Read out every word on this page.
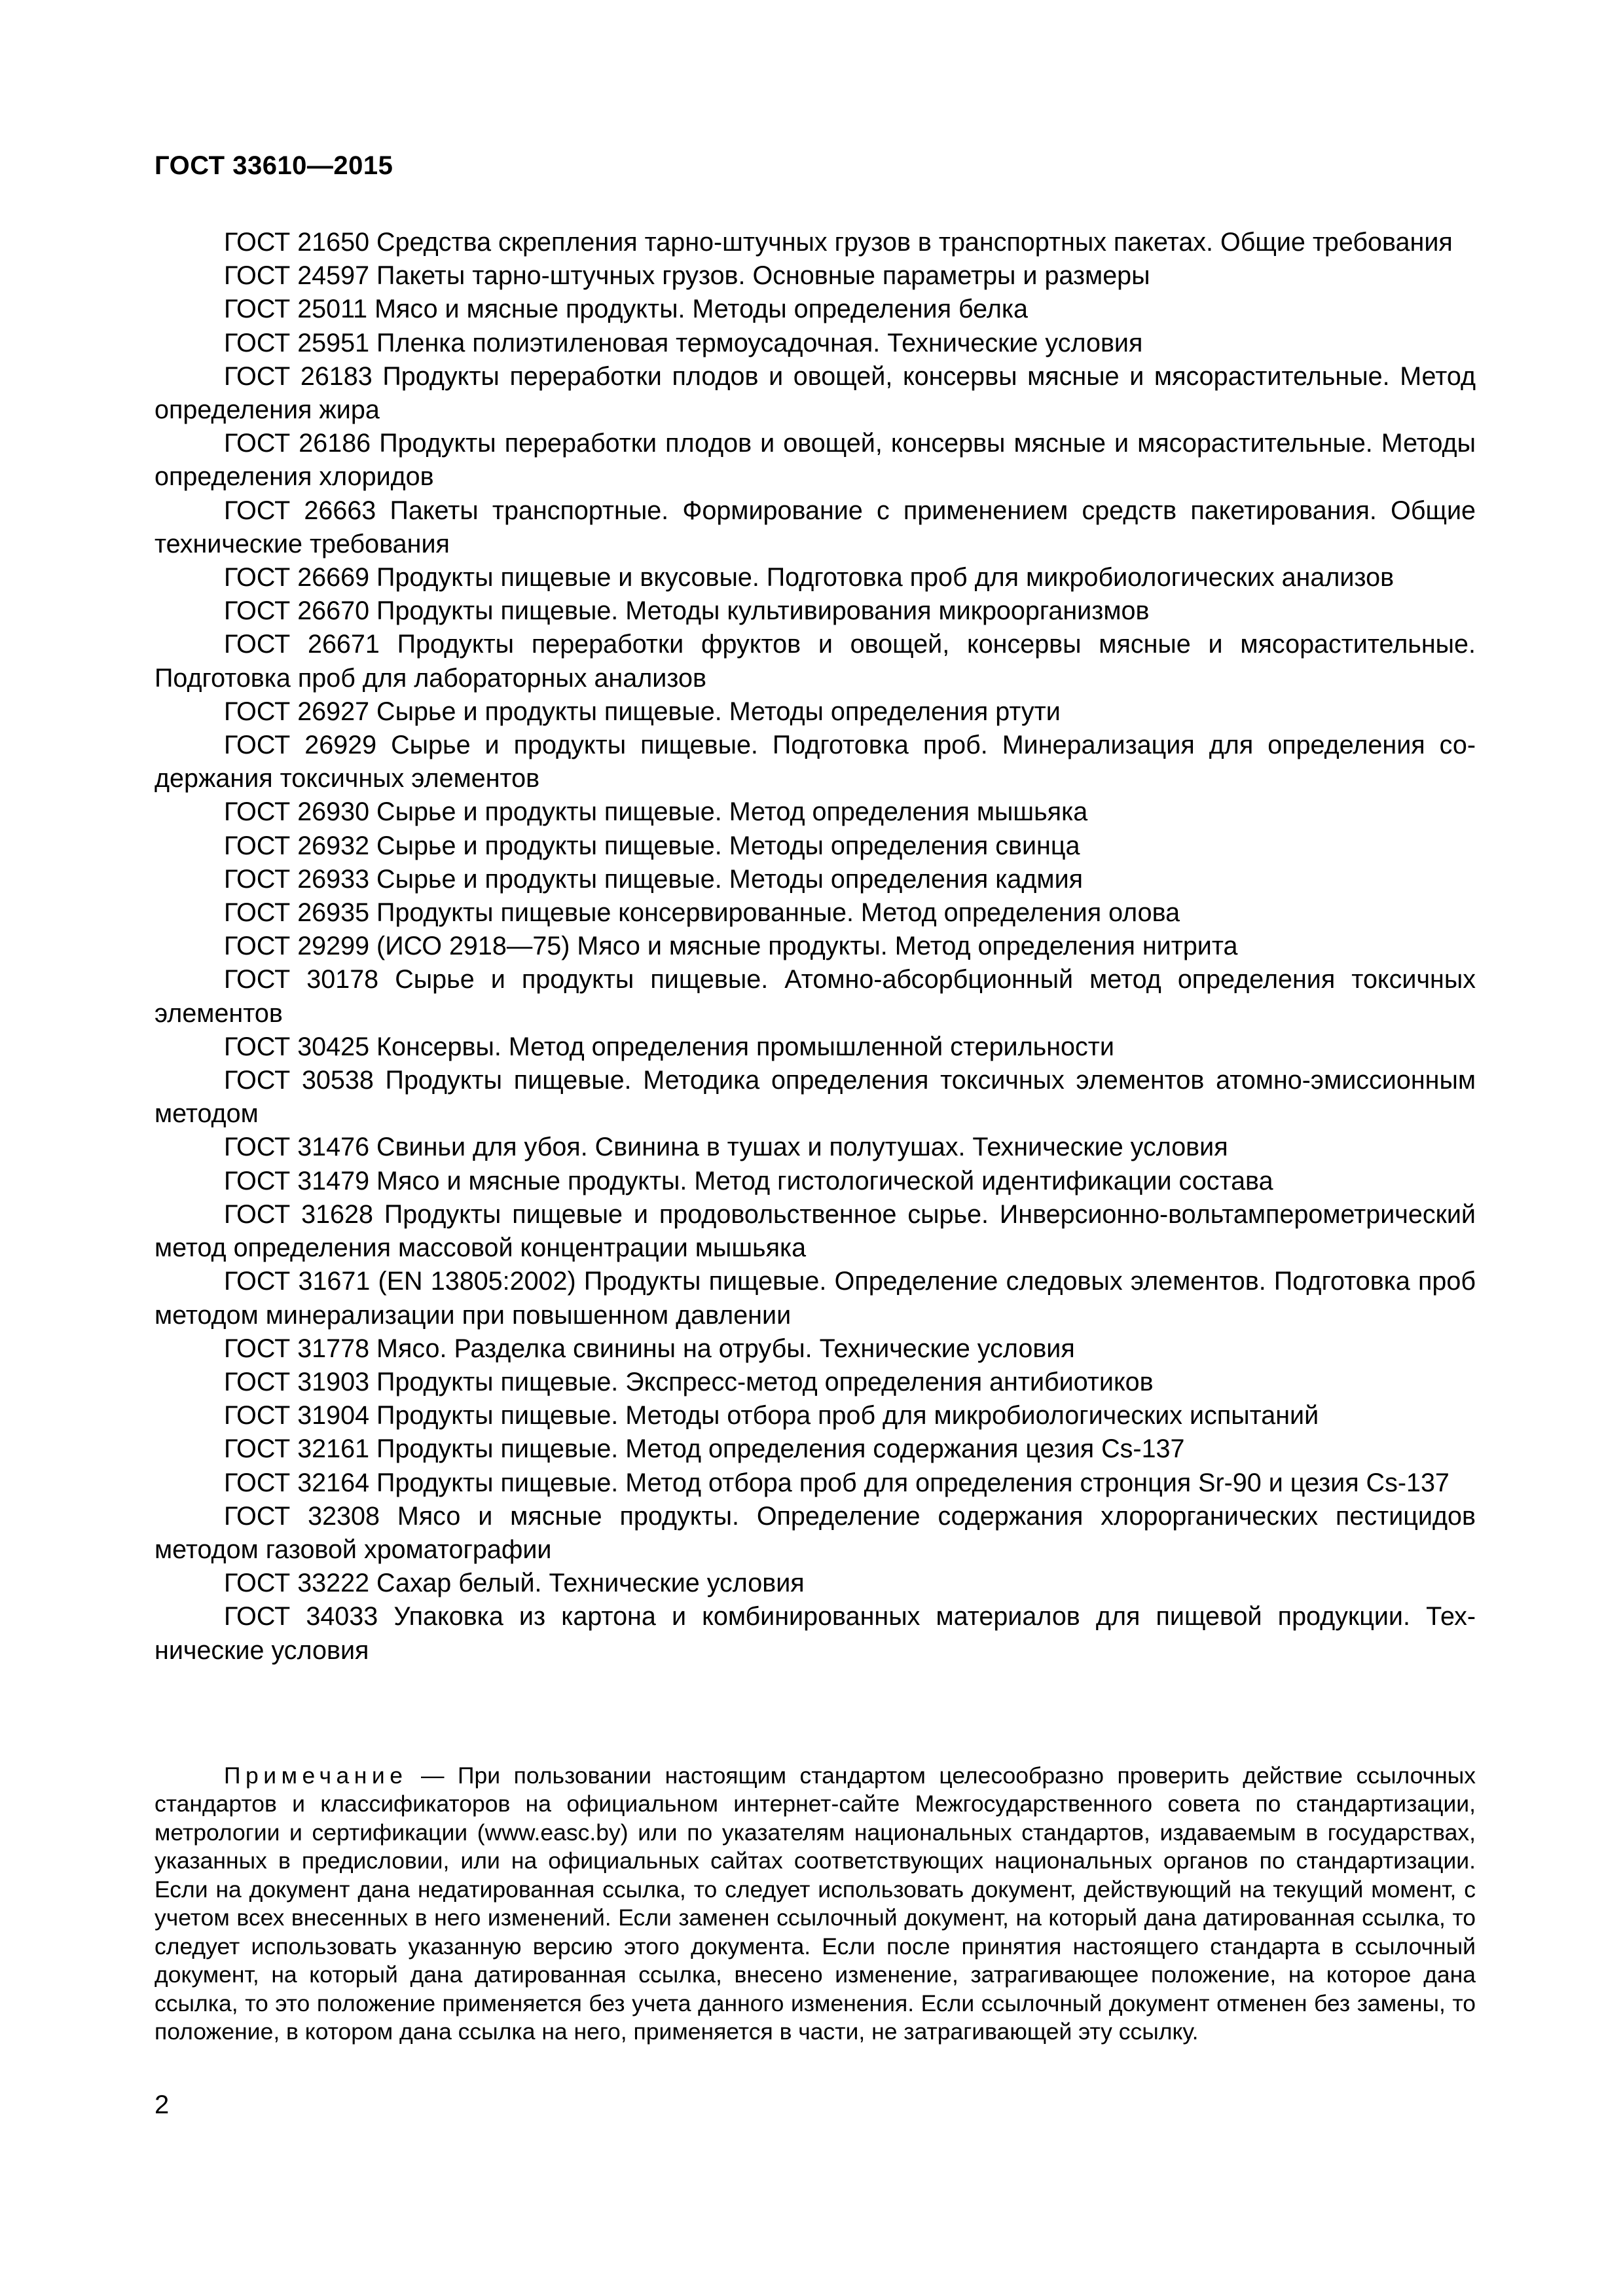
ГОСТ 33610—2015

ГОСТ 21650 Средства скрепления тарно-штучных грузов в транспортных пакетах. Общие требования

ГОСТ 24597 Пакеты тарно-штучных грузов. Основные параметры и размеры

ГОСТ 25011 Мясо и мясные продукты. Методы определения белка

ГОСТ 25951 Пленка полиэтиленовая термоусадочная. Технические условия

ГОСТ 26183 Продукты переработки плодов и овощей, консервы мясные и мясорастительные. Метод определения жира

ГОСТ 26186 Продукты переработки плодов и овощей, консервы мясные и мясорастительные. Методы определения хлоридов

ГОСТ 26663 Пакеты транспортные. Формирование с применением средств пакетирования. Общие технические требования

ГОСТ 26669 Продукты пищевые и вкусовые. Подготовка проб для микробиологических анализов

ГОСТ 26670 Продукты пищевые. Методы культивирования микроорганизмов

ГОСТ 26671 Продукты переработки фруктов и овощей, консервы мясные и мясорастительные. Подготовка проб для лабораторных анализов

ГОСТ 26927 Сырье и продукты пищевые. Методы определения ртути

ГОСТ 26929 Сырье и продукты пищевые. Подготовка проб. Минерализация для определения содержания токсичных элементов

ГОСТ 26930 Сырье и продукты пищевые. Метод определения мышьяка

ГОСТ 26932 Сырье и продукты пищевые. Методы определения свинца

ГОСТ 26933 Сырье и продукты пищевые. Методы определения кадмия

ГОСТ 26935 Продукты пищевые консервированные. Метод определения олова

ГОСТ 29299 (ИСО 2918—75) Мясо и мясные продукты. Метод определения нитрита

ГОСТ 30178 Сырье и продукты пищевые. Атомно-абсорбционный метод определения токсичных элементов

ГОСТ 30425 Консервы. Метод определения промышленной стерильности

ГОСТ 30538 Продукты пищевые. Методика определения токсичных элементов атомно-эмиссионным методом

ГОСТ 31476 Свиньи для убоя. Свинина в тушах и полутушах. Технические условия

ГОСТ 31479 Мясо и мясные продукты. Метод гистологической идентификации состава

ГОСТ 31628 Продукты пищевые и продовольственное сырье. Инверсионно-вольтамперометрический метод определения массовой концентрации мышьяка

ГОСТ 31671 (EN 13805:2002) Продукты пищевые. Определение следовых элементов. Подготовка проб методом минерализации при повышенном давлении

ГОСТ 31778 Мясо. Разделка свинины на отрубы. Технические условия

ГОСТ 31903 Продукты пищевые. Экспресс-метод определения антибиотиков

ГОСТ 31904 Продукты пищевые. Методы отбора проб для микробиологических испытаний

ГОСТ 32161 Продукты пищевые. Метод определения содержания цезия Cs-137

ГОСТ 32164 Продукты пищевые. Метод отбора проб для определения стронция Sr-90 и цезия Cs-137

ГОСТ 32308 Мясо и мясные продукты. Определение содержания хлорорганических пестицидов методом газовой хроматографии

ГОСТ 33222 Сахар белый. Технические условия

ГОСТ 34033 Упаковка из картона и комбинированных материалов для пищевой продукции. Технические условия

Примечание — При пользовании настоящим стандартом целесообразно проверить действие ссылочных стандартов и классификаторов на официальном интернет-сайте Межгосударственного совета по стандартизации, метрологии и сертификации (www.easc.by) или по указателям национальных стандартов, издаваемым в государствах, указанных в предисловии, или на официальных сайтах соответствующих национальных органов по стандартизации. Если на документ дана недатированная ссылка, то следует использовать документ, действующий на текущий момент, с учетом всех внесенных в него изменений. Если заменен ссылочный документ, на который дана датированная ссылка, то следует использовать указанную версию этого документа. Если после принятия настоящего стандарта в ссылочный документ, на который дана датированная ссылка, внесено изменение, затрагивающее положение, на которое дана ссылка, то это положение применяется без учета данного изменения. Если ссылочный документ отменен без замены, то положение, в котором дана ссылка на него, применяется в части, не затрагивающей эту ссылку.

2
